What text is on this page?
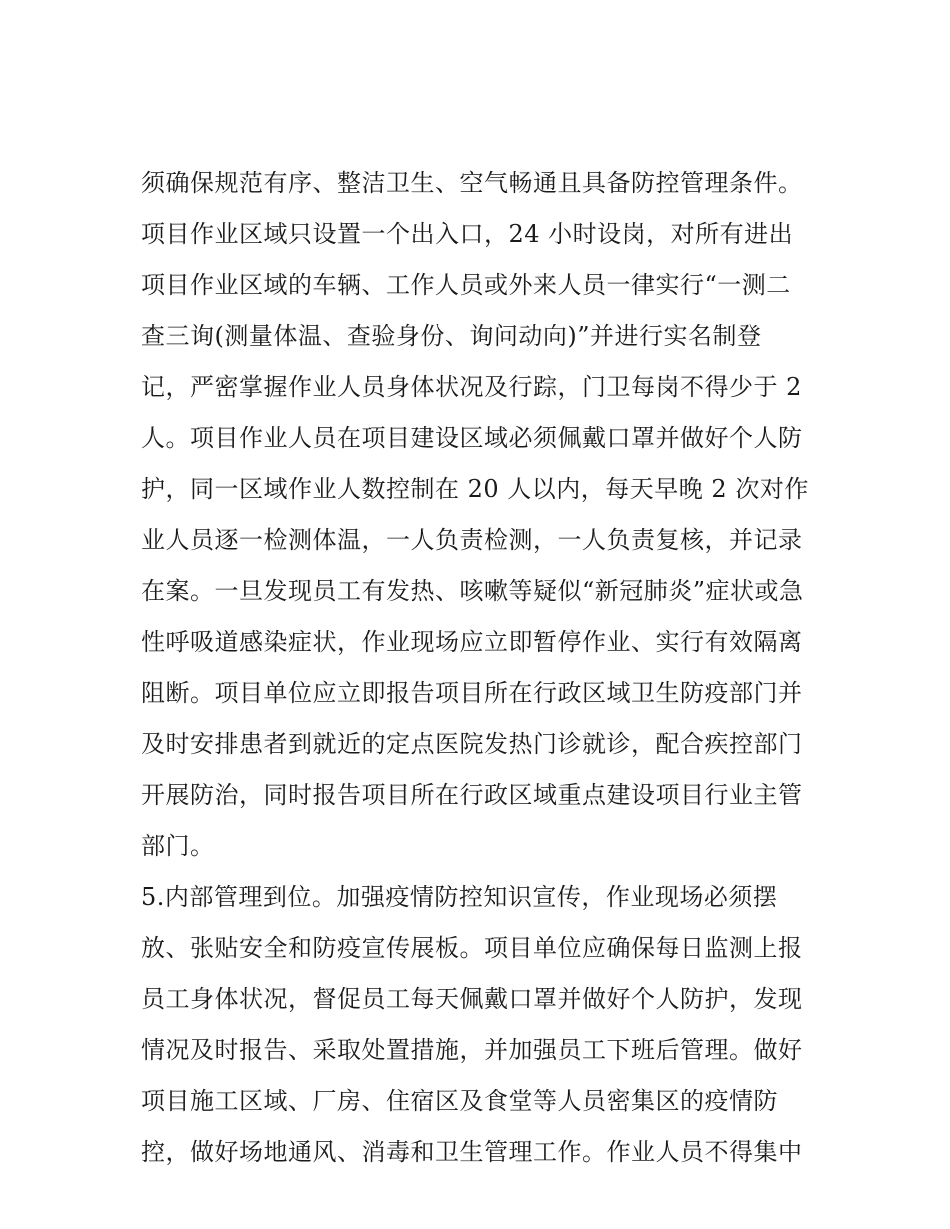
须确保规范有序、整洁卫生、空气畅通且具备防控管理条件。
项目作业区域只设置一个出入口，24 小时设岗，对所有进出
项目作业区域的车辆、工作人员或外来人员一律实行“一测二
查三询(测量体温、查验身份、询问动向)”并进行实名制登
记，严密掌握作业人员身体状况及行踪，门卫每岗不得少于 2
人。项目作业人员在项目建设区域必须佩戴口罩并做好个人防
护，同一区域作业人数控制在 20 人以内，每天早晚 2 次对作
业人员逐一检测体温，一人负责检测，一人负责复核，并记录
在案。一旦发现员工有发热、咳嗽等疑似“新冠肺炎”症状或急
性呼吸道感染症状，作业现场应立即暂停作业、实行有效隔离
阻断。项目单位应立即报告项目所在行政区域卫生防疫部门并
及时安排患者到就近的定点医院发热门诊就诊，配合疾控部门
开展防治，同时报告项目所在行政区域重点建设项目行业主管
部门。
5.内部管理到位。加强疫情防控知识宣传，作业现场必须摆
放、张贴安全和防疫宣传展板。项目单位应确保每日监测上报
员工身体状况，督促员工每天佩戴口罩并做好个人防护，发现
情况及时报告、采取处置措施，并加强员工下班后管理。做好
项目施工区域、厂房、住宿区及食堂等人员密集区的疫情防
控，做好场地通风、消毒和卫生管理工作。作业人员不得集中
